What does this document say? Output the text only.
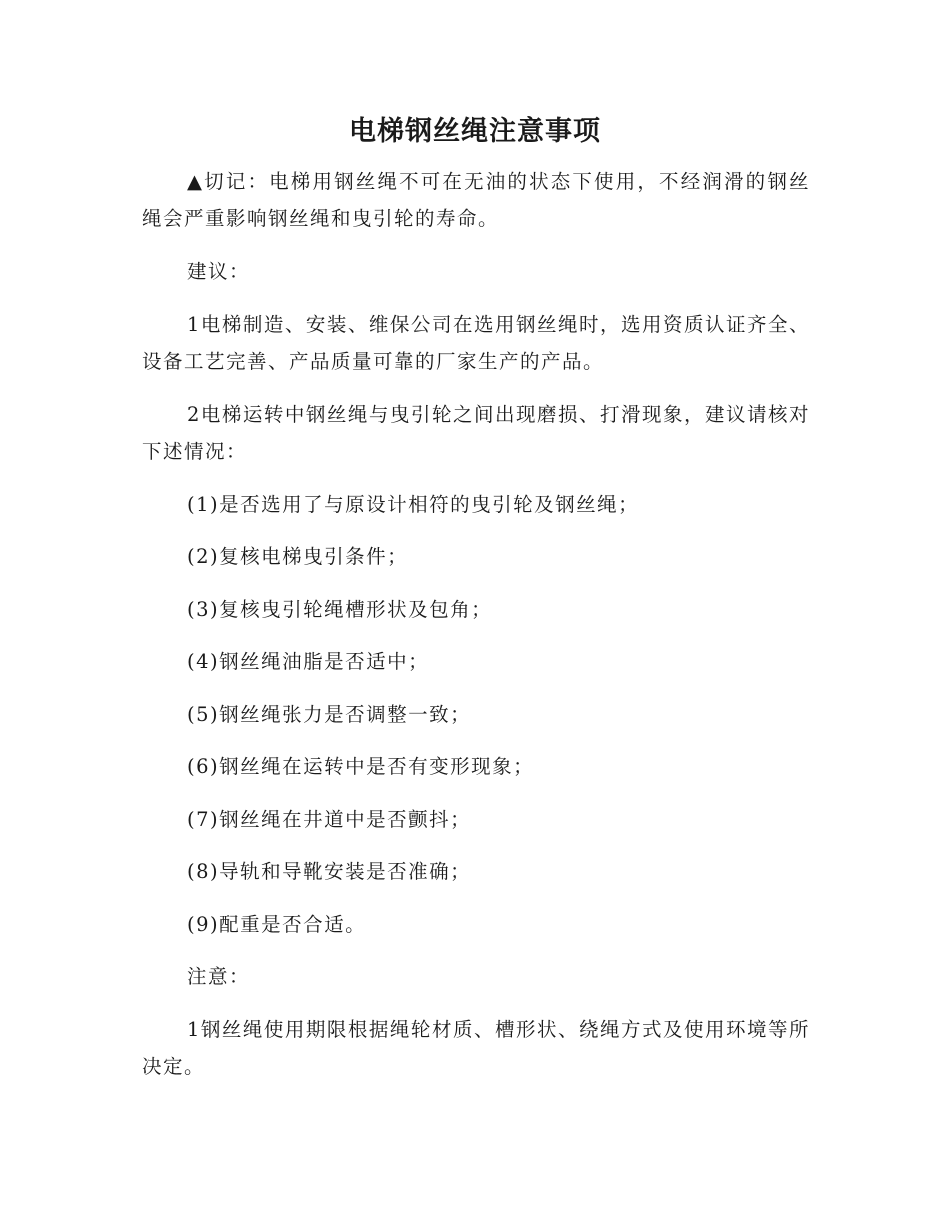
电梯钢丝绳注意事项

▲切记：电梯用钢丝绳不可在无油的状态下使用，不经润滑的钢丝绳会严重影响钢丝绳和曳引轮的寿命。

建议：

1电梯制造、安装、维保公司在选用钢丝绳时，选用资质认证齐全、设备工艺完善、产品质量可靠的厂家生产的产品。

2电梯运转中钢丝绳与曳引轮之间出现磨损、打滑现象，建议请核对下述情况：

(1)是否选用了与原设计相符的曳引轮及钢丝绳；

(2)复核电梯曳引条件；

(3)复核曳引轮绳槽形状及包角；

(4)钢丝绳油脂是否适中；

(5)钢丝绳张力是否调整一致；

(6)钢丝绳在运转中是否有变形现象；

(7)钢丝绳在井道中是否颤抖；

(8)导轨和导靴安装是否准确；

(9)配重是否合适。

注意：

1钢丝绳使用期限根据绳轮材质、槽形状、绕绳方式及使用环境等所决定。
